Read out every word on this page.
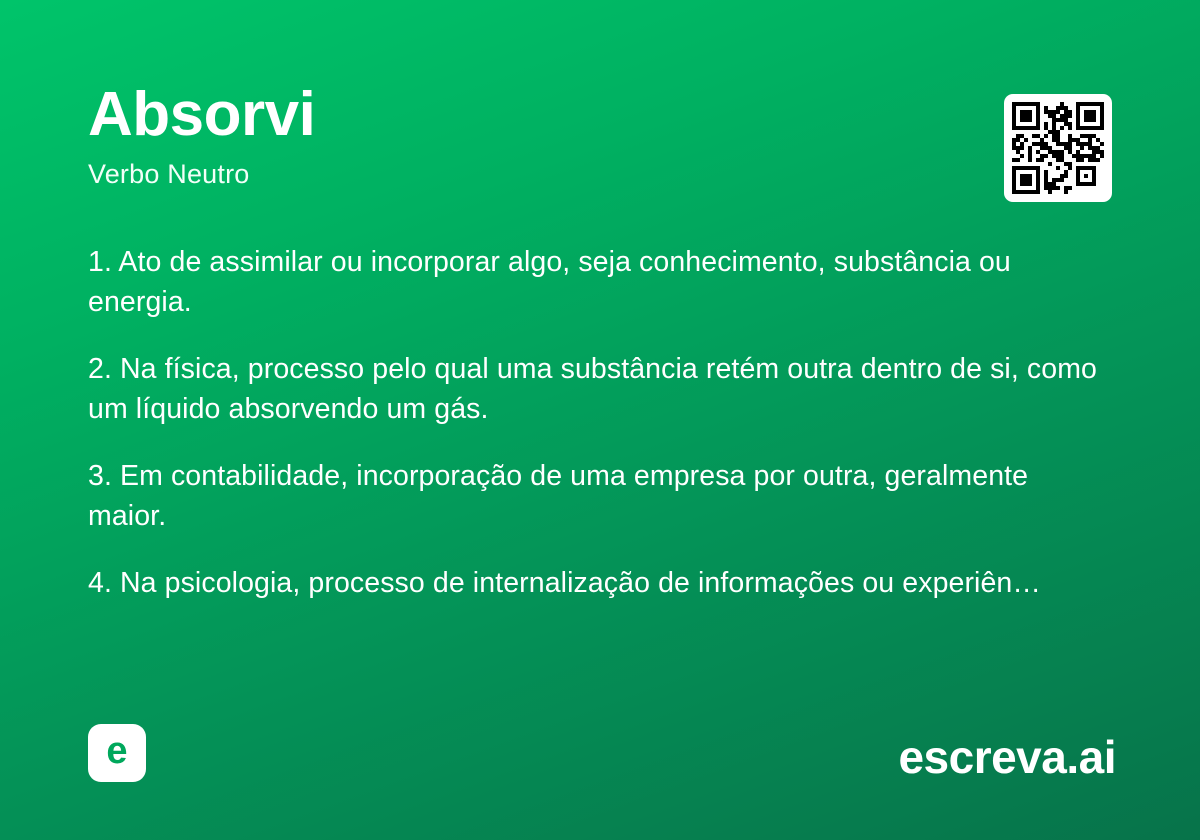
Absorvi
Verbo Neutro
1. Ato de assimilar ou incorporar algo, seja conhecimento, substância ou energia.
2. Na física, processo pelo qual uma substância retém outra dentro de si, como um líquido absorvendo um gás.
3. Em contabilidade, incorporação de uma empresa por outra, geralmente maior.
4. Na psicologia, processo de internalização de informações ou experiên…
e	escreva.ai
